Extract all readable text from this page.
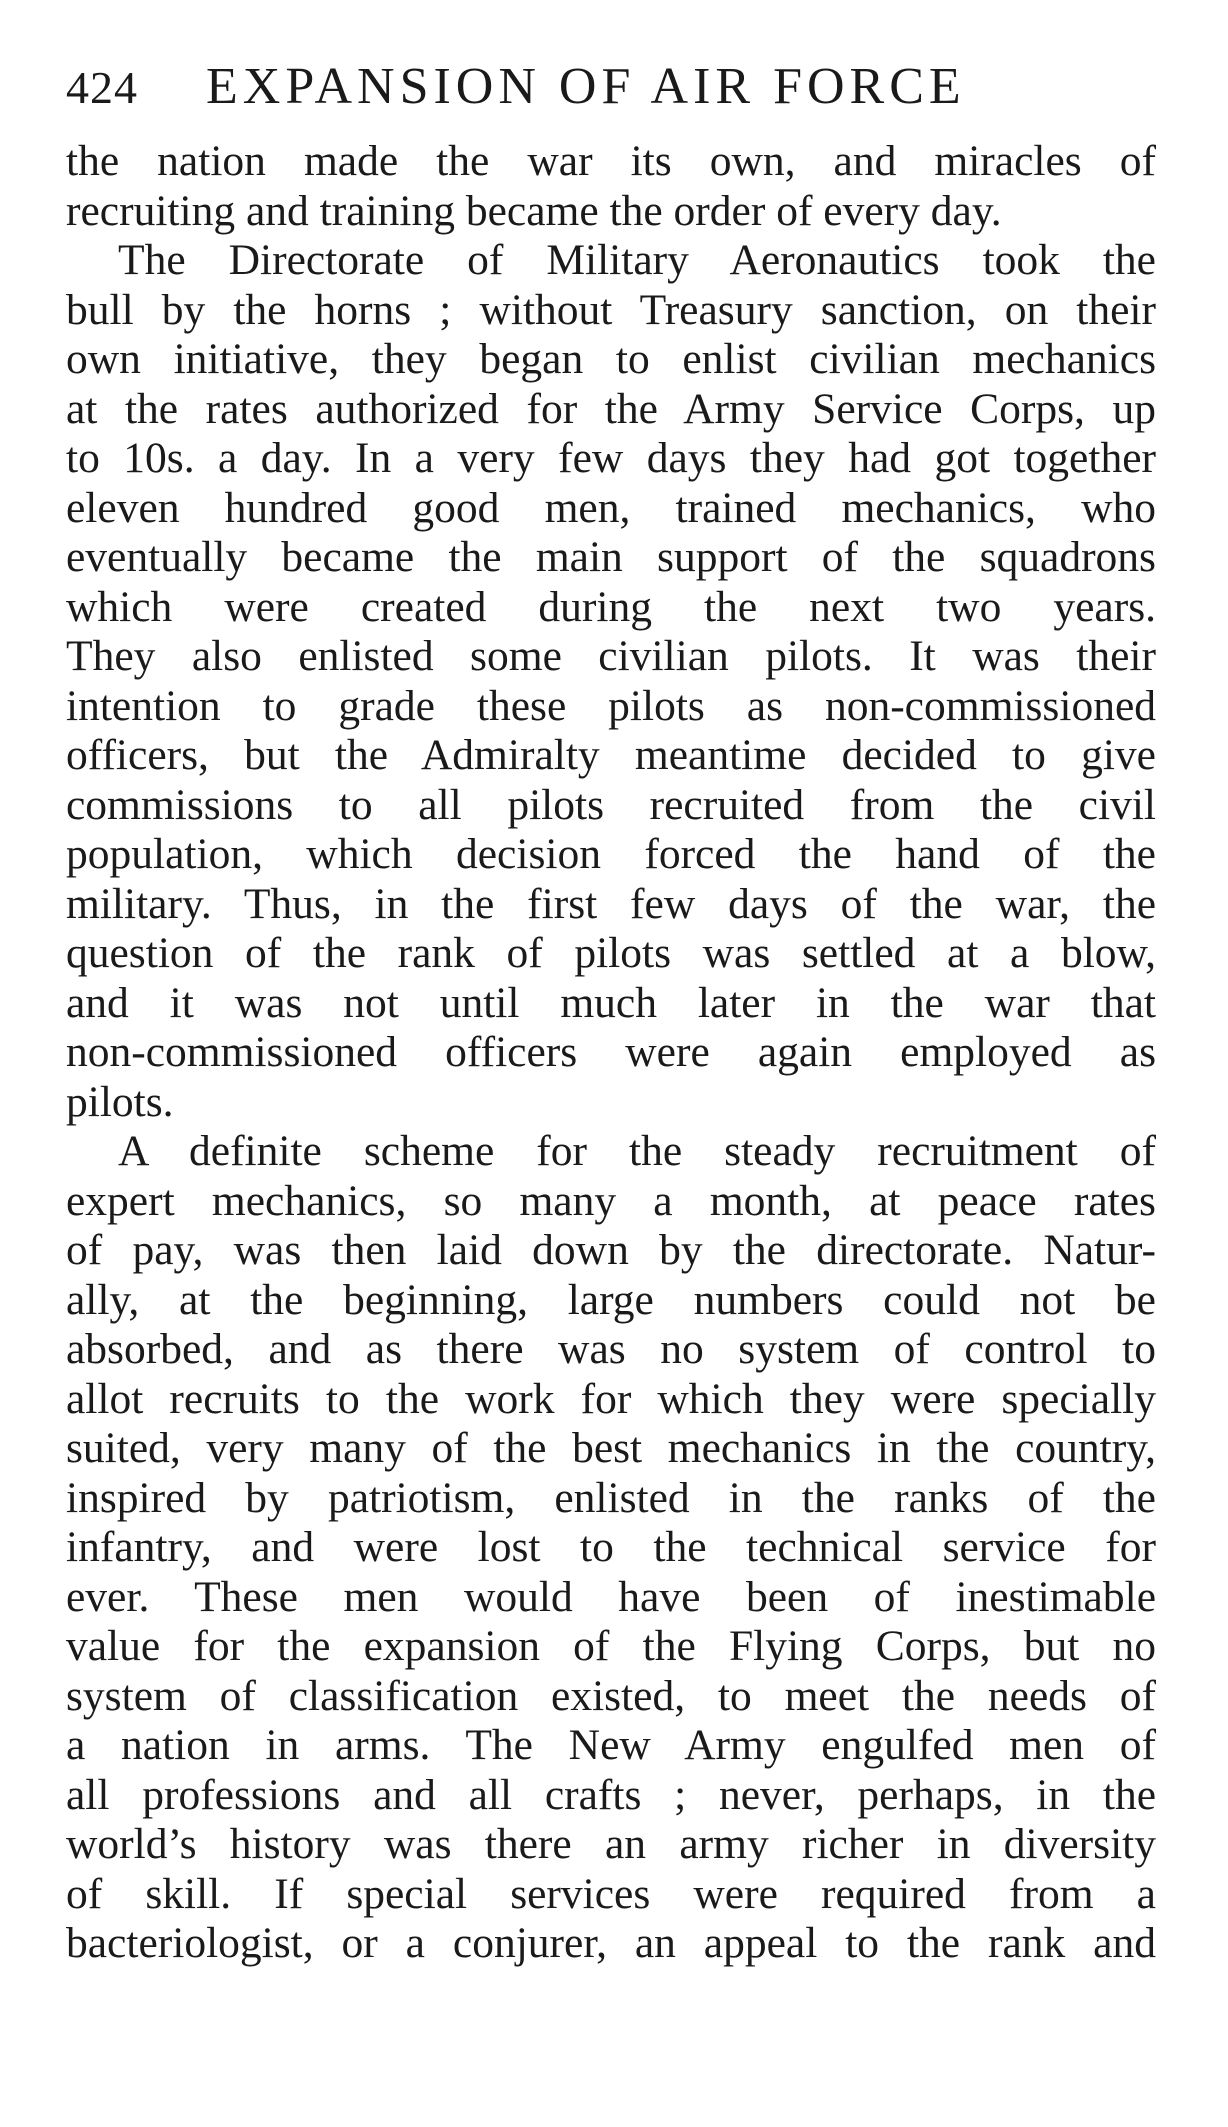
424 EXPANSION OF AIR FORCE
the nation made the war its own, and miracles of
recruiting and training became the order of every day.
The Directorate of Military Aeronautics took the
bull by the horns ; without Treasury sanction, on their
own initiative, they began to enlist civilian mechanics
at the rates authorized for the Army Service Corps, up
to 10s. a day. In a very few days they had got together
eleven hundred good men, trained mechanics, who
eventually became the main support of the squadrons
which were created during the next two years.
They also enlisted some civilian pilots. It was their
intention to grade these pilots as non-commissioned
officers, but the Admiralty meantime decided to give
commissions to all pilots recruited from the civil
population, which decision forced the hand of the
military. Thus, in the first few days of the war, the
question of the rank of pilots was settled at a blow,
and it was not until much later in the war that
non-commissioned officers were again employed as
pilots.
A definite scheme for the steady recruitment of
expert mechanics, so many a month, at peace rates
of pay, was then laid down by the directorate. Natur-
ally, at the beginning, large numbers could not be
absorbed, and as there was no system of control to
allot recruits to the work for which they were specially
suited, very many of the best mechanics in the country,
inspired by patriotism, enlisted in the ranks of the
infantry, and were lost to the technical service for
ever. These men would have been of inestimable
value for the expansion of the Flying Corps, but no
system of classification existed, to meet the needs of
a nation in arms. The New Army engulfed men of
all professions and all crafts ; never, perhaps, in the
world’s history was there an army richer in diversity
of skill. If special services were required from a
bacteriologist, or a conjurer, an appeal to the rank and
